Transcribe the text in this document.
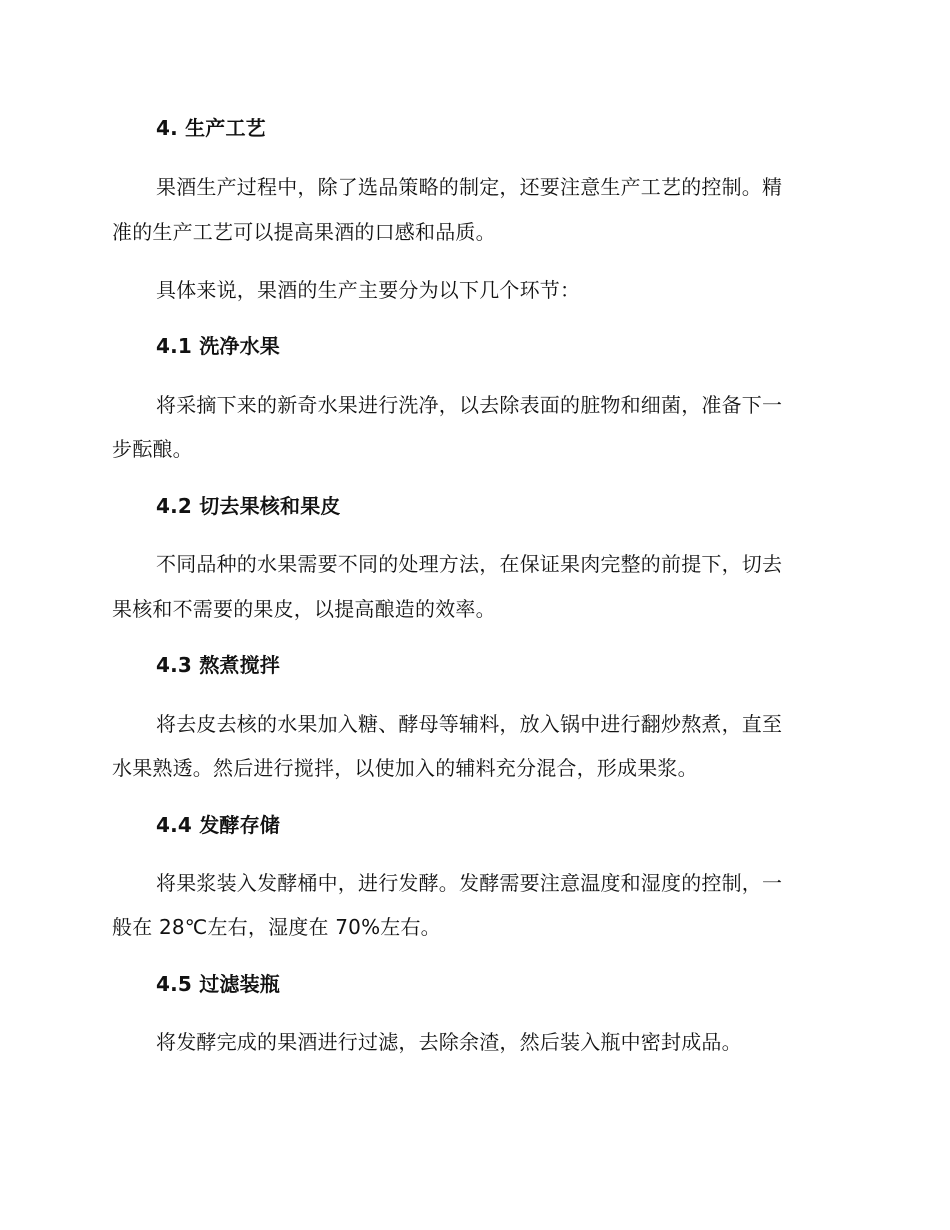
4. 生产工艺
果酒生产过程中，除了选品策略的制定，还要注意生产工艺的控制。精
准的生产工艺可以提高果酒的口感和品质。
具体来说，果酒的生产主要分为以下几个环节：
4.1 洗净水果
将采摘下来的新奇水果进行洗净，以去除表面的脏物和细菌，准备下一
步酝酿。
4.2 切去果核和果皮
不同品种的水果需要不同的处理方法，在保证果肉完整的前提下，切去
果核和不需要的果皮，以提高酿造的效率。
4.3 熬煮搅拌
将去皮去核的水果加入糖、酵母等辅料，放入锅中进行翻炒熬煮，直至
水果熟透。然后进行搅拌，以使加入的辅料充分混合，形成果浆。
4.4 发酵存储
将果浆装入发酵桶中，进行发酵。发酵需要注意温度和湿度的控制，一
般在 28℃左右，湿度在 70%左右。
4.5 过滤装瓶
将发酵完成的果酒进行过滤，去除余渣，然后装入瓶中密封成品。
